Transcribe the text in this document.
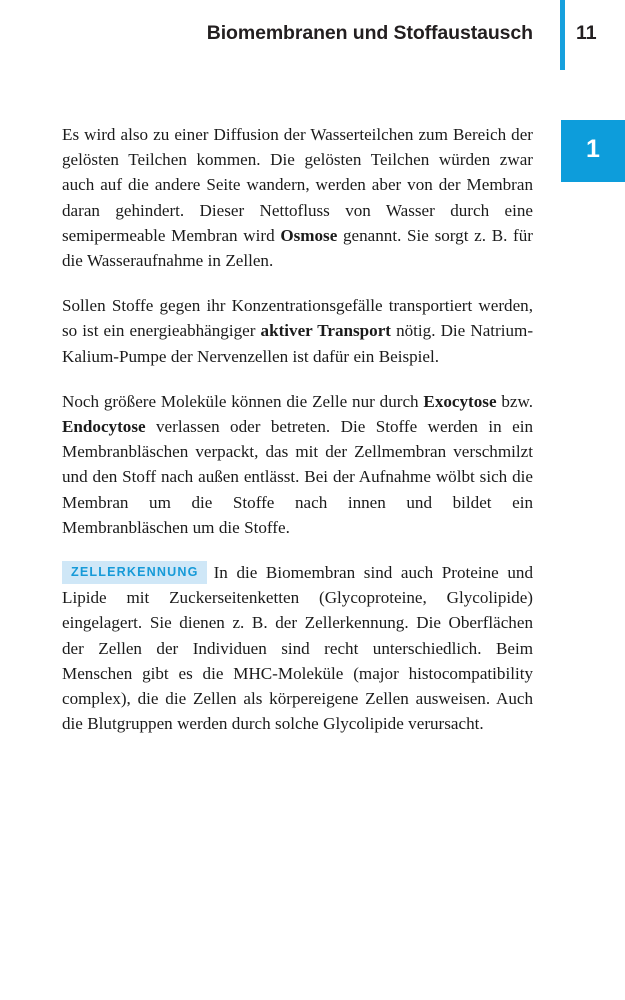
Biomembranen und Stoffaustausch 11
1

Es wird also zu einer Diffusion der Wasserteilchen zum Bereich der gelösten Teilchen kommen. Die gelösten Teilchen würden zwar auch auf die andere Seite wandern, werden aber von der Membran daran gehindert. Dieser Nettofluss von Wasser durch eine semipermeable Membran wird Osmose genannt. Sie sorgt z. B. für die Wasseraufnahme in Zellen.

Sollen Stoffe gegen ihr Konzentrationsgefälle transportiert werden, so ist ein energieabhängiger aktiver Transport nötig. Die Natrium-Kalium-Pumpe der Nervenzellen ist dafür ein Beispiel.

Noch größere Moleküle können die Zelle nur durch Exocytose bzw. Endocytose verlassen oder betreten. Die Stoffe werden in ein Membranbläschen verpackt, das mit der Zellmembran verschmilzt und den Stoff nach außen entlässt. Bei der Aufnahme wölbt sich die Membran um die Stoffe nach innen und bildet ein Membranbläschen um die Stoffe.

ZELLERKENNUNG In die Biomembran sind auch Proteine und Lipide mit Zuckerseitenketten (Glycoproteine, Glycolipide) eingelagert. Sie dienen z. B. der Zellerkennung. Die Oberflächen der Zellen der Individuen sind recht unterschiedlich. Beim Menschen gibt es die MHC-Moleküle (major histocompatibility complex), die die Zellen als körpereigene Zellen ausweisen. Auch die Blutgruppen werden durch solche Glycolipide verursacht.
